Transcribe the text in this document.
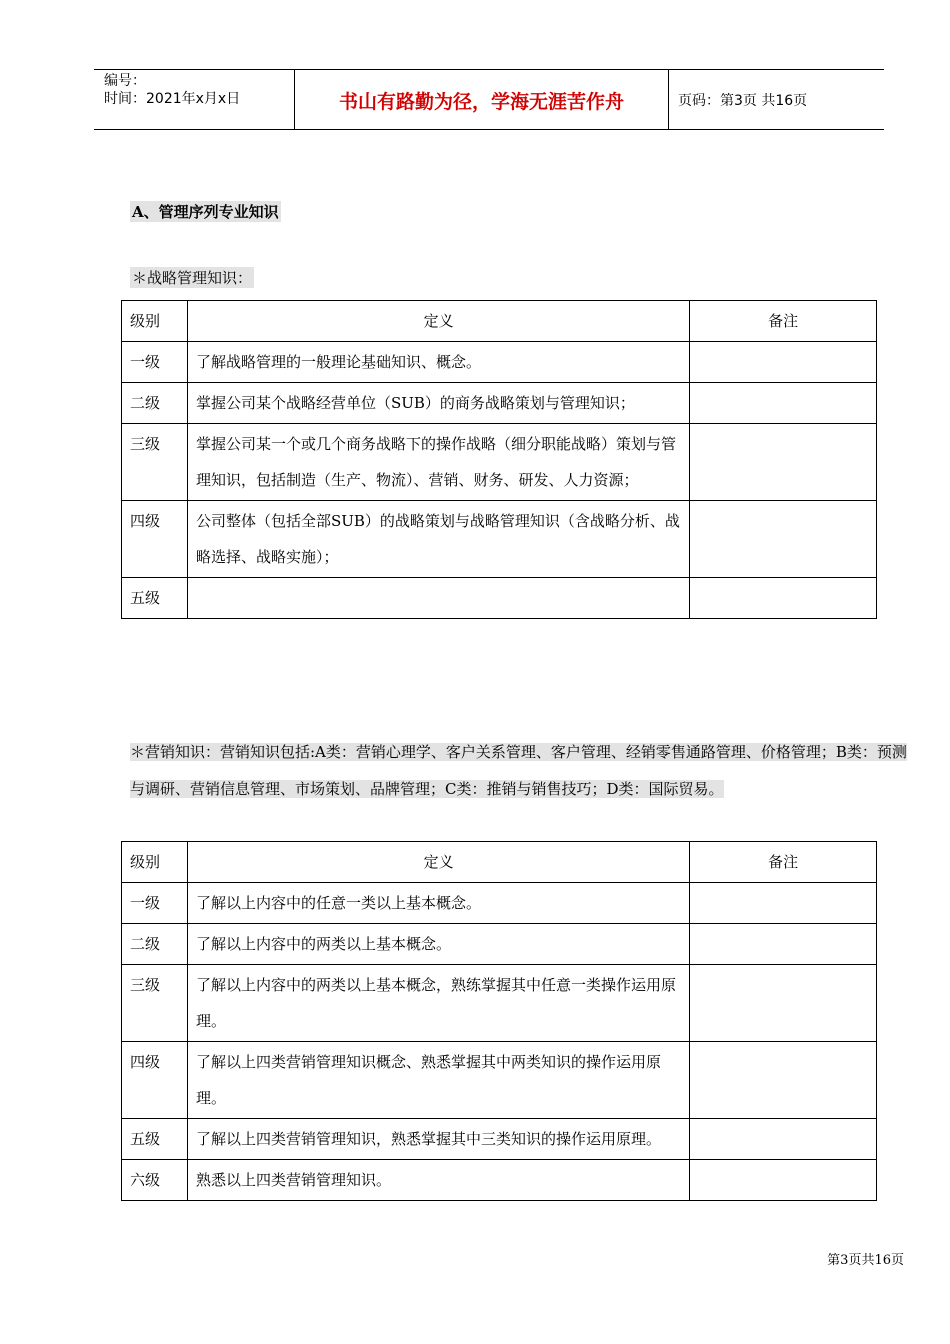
编号：
时间：2021年x月x日	书山有路勤为径，学海无涯苦作舟	页码：第3页 共16页
A、管理序列专业知识
＊战略管理知识：
级别	定义	备注
一级	了解战略管理的一般理论基础知识、概念。	
二级	掌握公司某个战略经营单位（SUB）的商务战略策划与管理知识；	
三级	掌握公司某一个或几个商务战略下的操作战略（细分职能战略）策划与管理知识，包括制造（生产、物流）、营销、财务、研发、人力资源；	
四级	公司整体（包括全部SUB）的战略策划与战略管理知识（含战略分析、战略选择、战略实施）；	
五级		
＊营销知识：营销知识包括:A类：营销心理学、客户关系管理、客户管理、经销零售通路管理、价格管理；B类：预测与调研、营销信息管理、市场策划、品牌管理；C类：推销与销售技巧；D类：国际贸易。
级别	定义	备注
一级	了解以上内容中的任意一类以上基本概念。	
二级	了解以上内容中的两类以上基本概念。	
三级	了解以上内容中的两类以上基本概念，熟练掌握其中任意一类操作运用原理。	
四级	了解以上四类营销管理知识概念、熟悉掌握其中两类知识的操作运用原理。	
五级	了解以上四类营销管理知识，熟悉掌握其中三类知识的操作运用原理。	
六级	熟悉以上四类营销管理知识。	
第3页共16页
